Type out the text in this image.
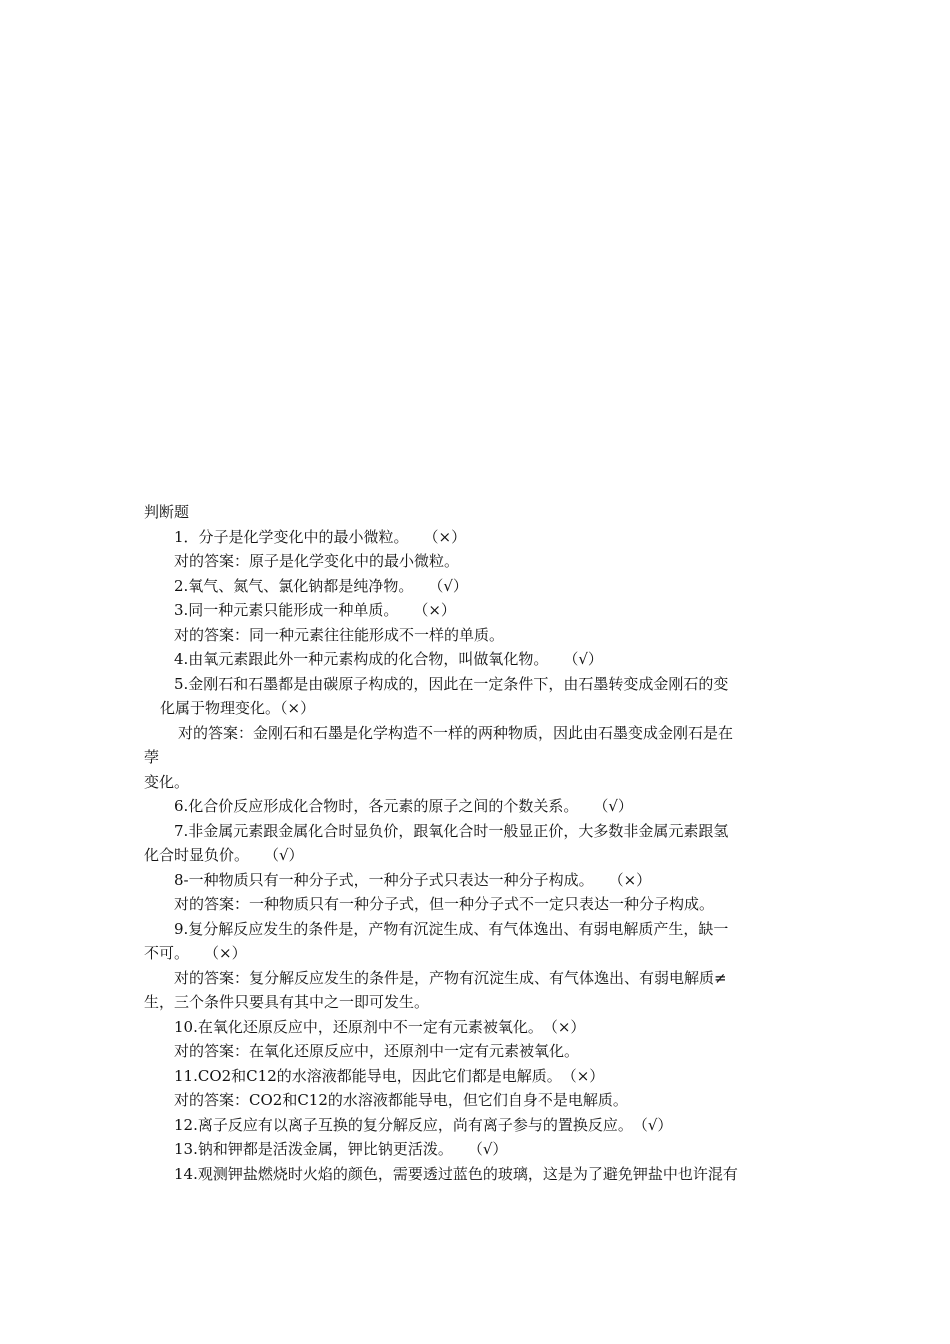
判断题
1．分子是化学变化中的最小微粒。　　（×）
对的答案：原子是化学变化中的最小微粒。
2.氧气、氮气、氯化钠都是纯净物。　　（√）
3.同一种元素只能形成一种单质。　　（×）
对的答案：同一种元素往往能形成不一样的单质。
4.由氧元素跟此外一种元素构成的化合物，叫做氧化物。　　（√）
5.金刚石和石墨都是由碳原子构成的，因此在一定条件下，由石墨转变成金刚石的变
化属于物理变化。（×）
对的答案：金刚石和石墨是化学构造不一样的两种物质，因此由石墨变成金刚石是在
荸
变化。
6.化合价反应形成化合物时，各元素的原子之间的个数关系。　　（√）
7.非金属元素跟金属化合时显负价，跟氧化合时一般显正价，大多数非金属元素跟氢
化合时显负价。　　（√）
8-一种物质只有一种分子式，一种分子式只表达一种分子构成。　　（×）
对的答案：一种物质只有一种分子式，但一种分子式不一定只表达一种分子构成。
9.复分解反应发生的条件是，产物有沉淀生成、有气体逸出、有弱电解质产生，缺一
不可。　　（×）
对的答案：复分解反应发生的条件是，产物有沉淀生成、有气体逸出、有弱电解质≠
生，三个条件只要具有其中之一即可发生。
10.在氧化还原反应中，还原剂中不一定有元素被氧化。　（×）
对的答案：在氧化还原反应中，还原剂中一定有元素被氧化。
11.CO2和C12的水溶液都能导电，因此它们都是电解质。　（×）
对的答案：CO2和C12的水溶液都能导电，但它们自身不是电解质。
12.离子反应有以离子互换的复分解反应，尚有离子参与的置换反应。　（√）
13.钠和钾都是活泼金属，钾比钠更活泼。　　（√）
14.观测钾盐燃烧时火焰的颜色，需要透过蓝色的玻璃，这是为了避免钾盐中也许混有
